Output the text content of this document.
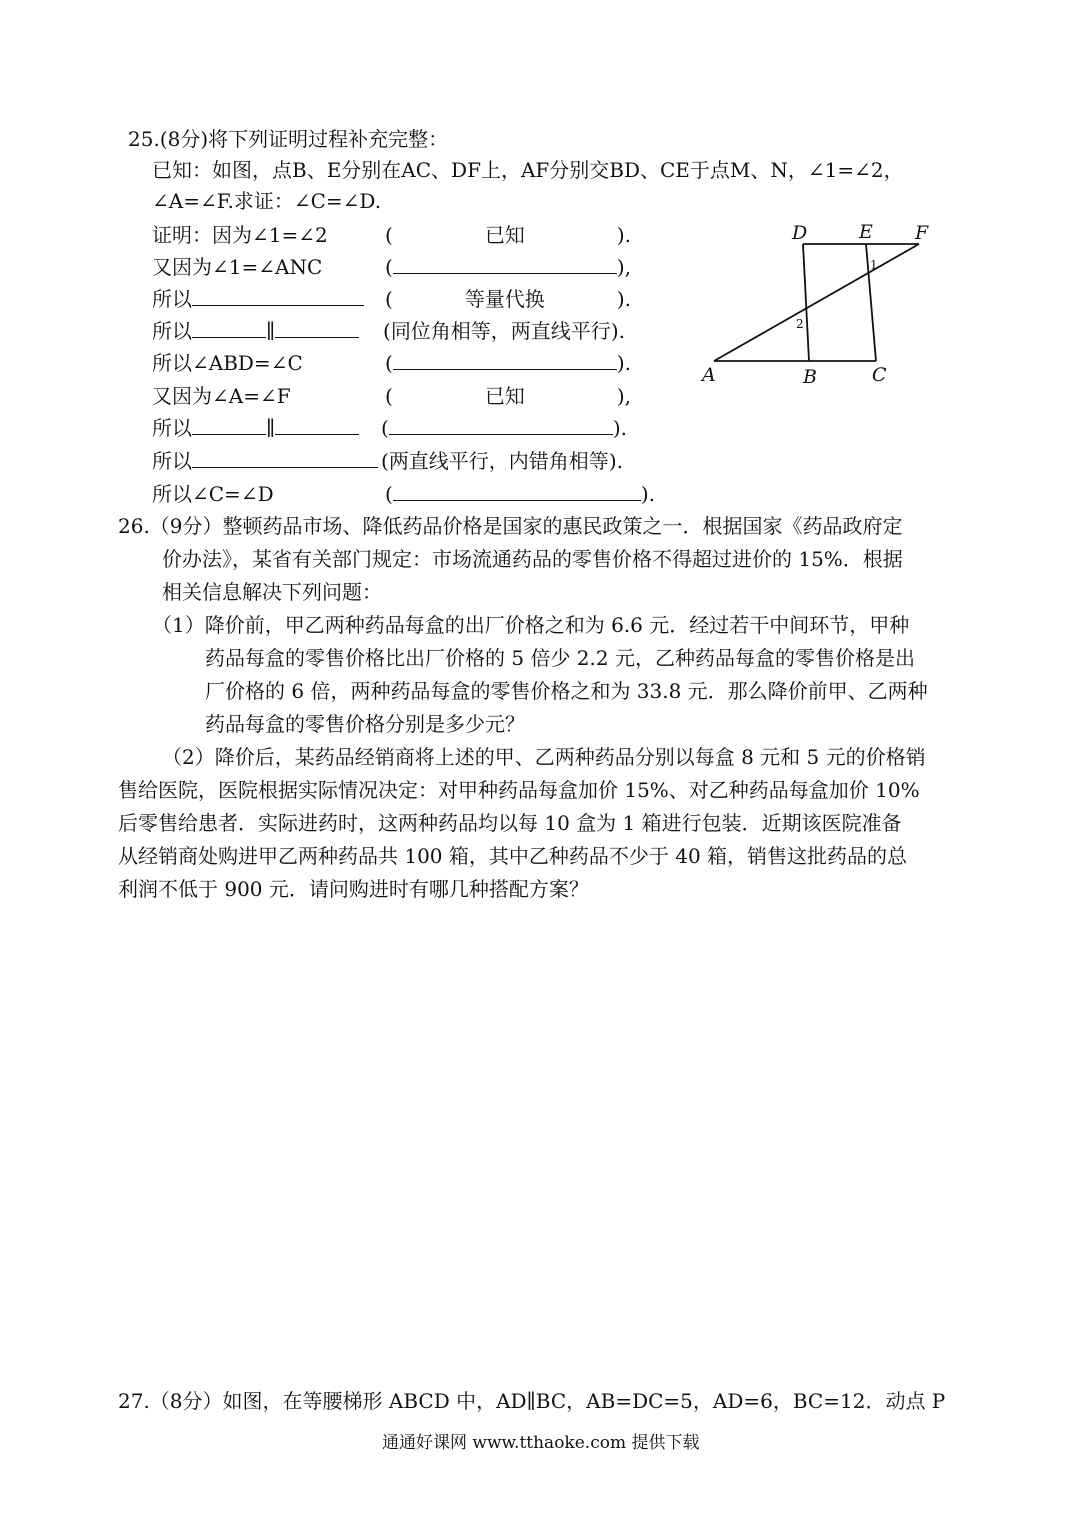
25.(8分)将下列证明过程补充完整：
已知：如图，点B、E分别在AC、DF上，AF分别交BD、CE于点M、N，∠1=∠2，
∠A=∠F.求证：∠C=∠D.
证明：因为∠1=∠2	(	已知	).
又因为∠1=∠ANC	(	),
所以	(	等量代换	).
所以	∥	(同位角相等，两直线平行).
所以∠ABD=∠C	(	).
又因为∠A=∠F	(	已知	),
所以	∥	(	).
所以	(两直线平行，内错角相等).
所以∠C=∠D	(	).
D	E F
A	B	C
1
2
26.（9分）整顿药品市场、降低药品价格是国家的惠民政策之一．根据国家《药品政府定
价办法》，某省有关部门规定：市场流通药品的零售价格不得超过进价的 15%．根据
相关信息解决下列问题：
（1）降价前，甲乙两种药品每盒的出厂价格之和为 6.6 元．经过若干中间环节，甲种
药品每盒的零售价格比出厂价格的 5 倍少 2.2 元，乙种药品每盒的零售价格是出
厂价格的 6 倍，两种药品每盒的零售价格之和为 33.8 元．那么降价前甲、乙两种
药品每盒的零售价格分别是多少元？
（2）降价后，某药品经销商将上述的甲、乙两种药品分别以每盒 8 元和 5 元的价格销
售给医院，医院根据实际情况决定：对甲种药品每盒加价 15%、对乙种药品每盒加价 10%
后零售给患者．实际进药时，这两种药品均以每 10 盒为 1 箱进行包装．近期该医院准备
从经销商处购进甲乙两种药品共 100 箱，其中乙种药品不少于 40 箱，销售这批药品的总
利润不低于 900 元．请问购进时有哪几种搭配方案？
27.（8分）如图，在等腰梯形 ABCD 中，AD∥BC，AB=DC=5，AD=6，BC=12．动点 P
通通好课网 www.tthaoke.com 提供下载
